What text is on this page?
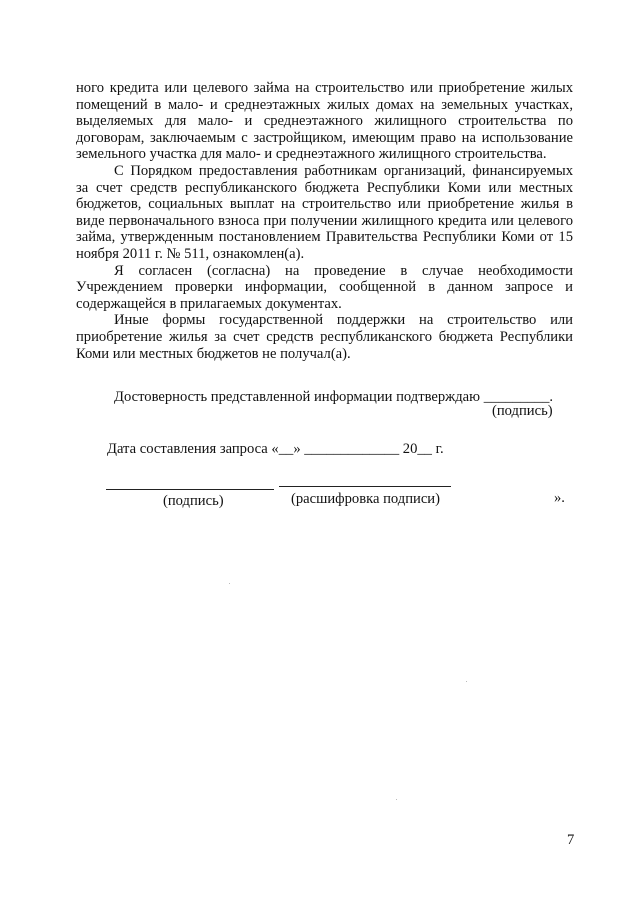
ного кредита или целевого займа на строительство или приобретение жилых помещений в мало- и среднеэтажных жилых домах на земельных участках, выделяемых для мало- и среднеэтажного жилищного строительства по договорам, заключаемым с застройщиком, имеющим право на использование земельного участка для мало- и среднеэтажного жилищного строительства.

С Порядком предоставления работникам организаций, финансируемых за счет средств республиканского бюджета Республики Коми или местных бюджетов, социальных выплат на строительство или приобретение жилья в виде первоначального взноса при получении жилищного кредита или целевого займа, утвержденным постановлением Правительства Республики Коми от 15 ноября 2011 г. № 511, ознакомлен(а).

Я согласен (согласна) на проведение в случае необходимости Учреждением проверки информации, сообщенной в данном запросе и содержащейся в прилагаемых документах.

Иные формы государственной поддержки на строительство или приобретение жилья за счет средств республиканского бюджета Республики Коми или местных бюджетов не получал(а).

Достоверность представленной информации подтверждаю _________.
(подпись)
Дата составления запроса «__» _____________ 20__ г.
(подпись)	(расшифровка подписи)	».
7
